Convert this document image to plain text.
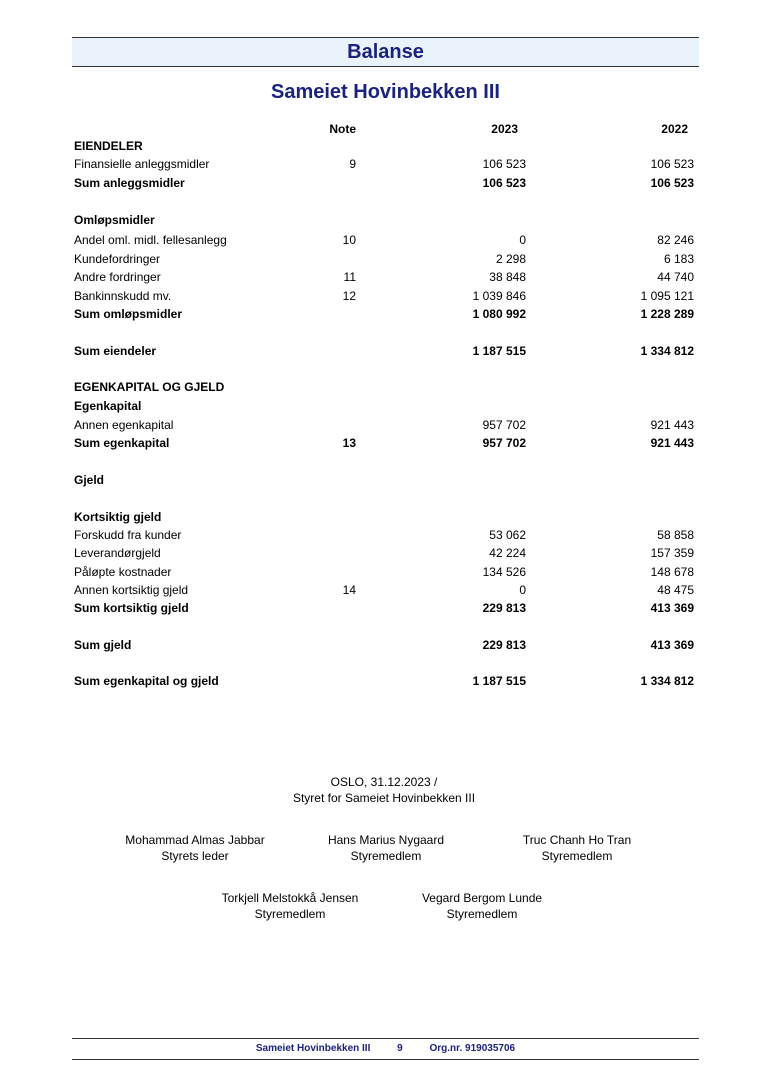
Balanse
Sameiet Hovinbekken III
Note	2023	2022
EIENDELER
Finansielle anleggsmidler	9	106 523	106 523
Sum anleggsmidler	106 523	106 523
Omløpsmidler
Andel oml. midl. fellesanlegg	10	0	82 246
Kundefordringer	2 298	6 183
Andre fordringer	11	38 848	44 740
Bankinnskudd mv.	12	1 039 846	1 095 121
Sum omløpsmidler	1 080 992	1 228 289
Sum eiendeler	1 187 515	1 334 812
EGENKAPITAL OG GJELD
Egenkapital
Annen egenkapital	957 702	921 443
Sum egenkapital	13	957 702	921 443
Gjeld
Kortsiktig gjeld
Forskudd fra kunder	53 062	58 858
Leverandørgjeld	42 224	157 359
Påløpte kostnader	134 526	148 678
Annen kortsiktig gjeld	14	0	48 475
Sum kortsiktig gjeld	229 813	413 369
Sum gjeld	229 813	413 369
Sum egenkapital og gjeld	1 187 515	1 334 812
OSLO, 31.12.2023 /
Styret for Sameiet Hovinbekken III
Mohammad Almas Jabbar
Styrets leder
Hans Marius Nygaard
Styremedlem
Truc Chanh Ho Tran
Styremedlem
Torkjell Melstokkå Jensen
Styremedlem
Vegard Bergom Lunde
Styremedlem
Sameiet Hovinbekken III	9	Org.nr. 919035706
